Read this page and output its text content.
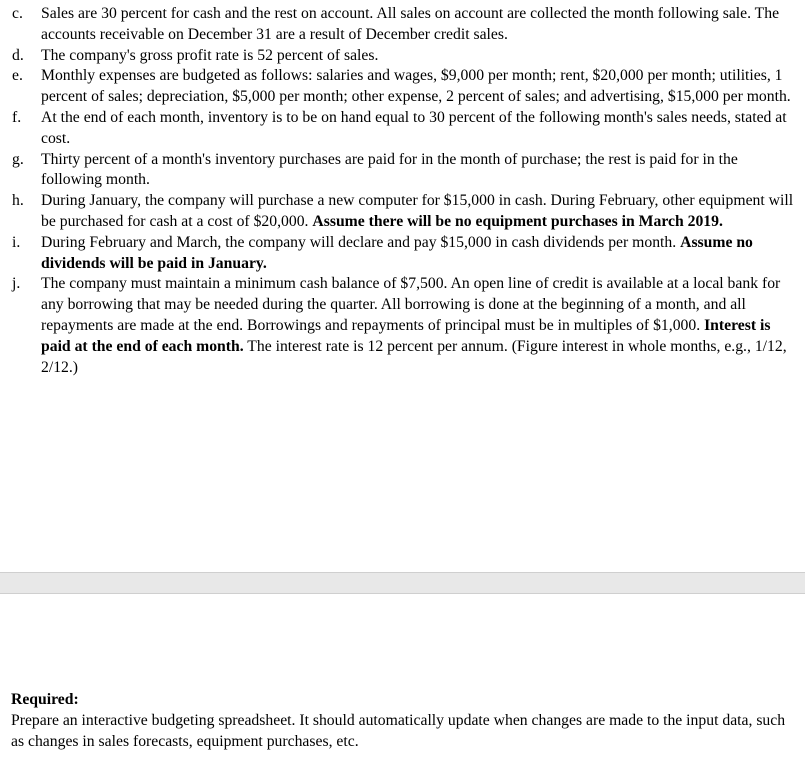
c.	Sales are 30 percent for cash and the rest on account. All sales on account are collected the month following sale. The accounts receivable on December 31 are a result of December credit sales.
d.	The company's gross profit rate is 52 percent of sales.
e.	Monthly expenses are budgeted as follows: salaries and wages, $9,000 per month; rent, $20,000 per month; utilities, 1 percent of sales; depreciation, $5,000 per month; other expense, 2 percent of sales; and advertising, $15,000 per month.
f.	At the end of each month, inventory is to be on hand equal to 30 percent of the following month's sales needs, stated at cost.
g.	Thirty percent of a month's inventory purchases are paid for in the month of purchase; the rest is paid for in the following month.
h.	During January, the company will purchase a new computer for $15,000 in cash. During February, other equipment will be purchased for cash at a cost of $20,000. Assume there will be no equipment purchases in March 2019.
i.	During February and March, the company will declare and pay $15,000 in cash dividends per month. Assume no dividends will be paid in January.
j.	The company must maintain a minimum cash balance of $7,500. An open line of credit is available at a local bank for any borrowing that may be needed during the quarter. All borrowing is done at the beginning of a month, and all repayments are made at the end. Borrowings and repayments of principal must be in multiples of $1,000. Interest is paid at the end of each month. The interest rate is 12 percent per annum. (Figure interest in whole months, e.g., 1/12, 2/12.)
Required:
Prepare an interactive budgeting spreadsheet. It should automatically update when changes are made to the input data, such as changes in sales forecasts, equipment purchases, etc.
